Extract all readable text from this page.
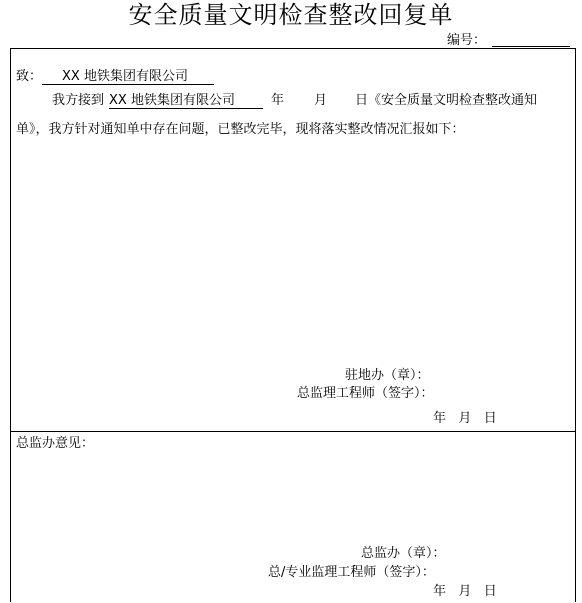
安全质量文明检查整改回复单
编号：
致： XX 地铁集团有限公司
我方接到 XX 地铁集团有限公司	年 月 日《安全质量文明检查整改通知
单》，我方针对通知单中存在问题，已整改完毕，现将落实整改情况汇报如下：
驻地办（章）：
总监理工程师（签字）：
年   月   日
总监办意见：
总监办（章）：
总/专业监理工程师（签字）：
年   月   日
